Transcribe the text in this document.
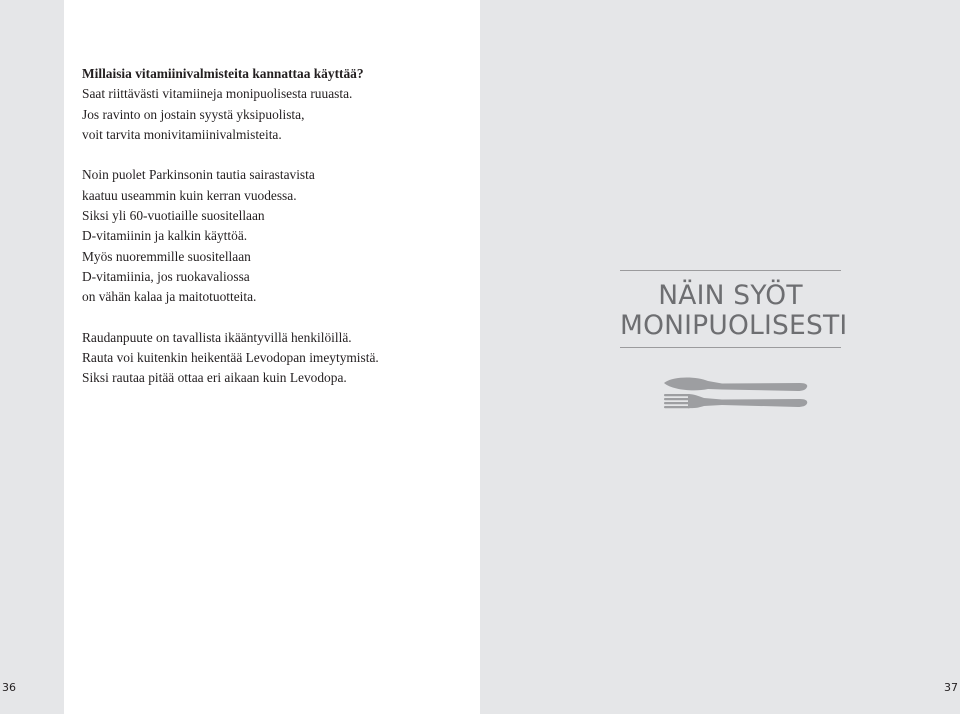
Millaisia vitamiinivalmisteita kannattaa käyttää?

Saat riittävästi vitamiineja monipuolisesta ruuasta.

Jos ravinto on jostain syystä yksipuolista,

voit tarvita monivitamiinivalmisteita.

Noin puolet Parkinsonin tautia sairastavista

kaatuu useammin kuin kerran vuodessa.

Siksi yli 60-vuotiaille suositellaan

D-vitamiinin ja kalkin käyttöä.

Myös nuoremmille suositellaan

D-vitamiinia, jos ruokavaliossa

on vähän kalaa ja maitotuotteita.

Raudanpuute on tavallista ikääntyvillä henkilöillä.

Rauta voi kuitenkin heikentää Levodopan imeytymistä.

Siksi rautaa pitää ottaa eri aikaan kuin Levodopa.

36	37
NÄIN SYÖT
MONIPUOLISESTI
